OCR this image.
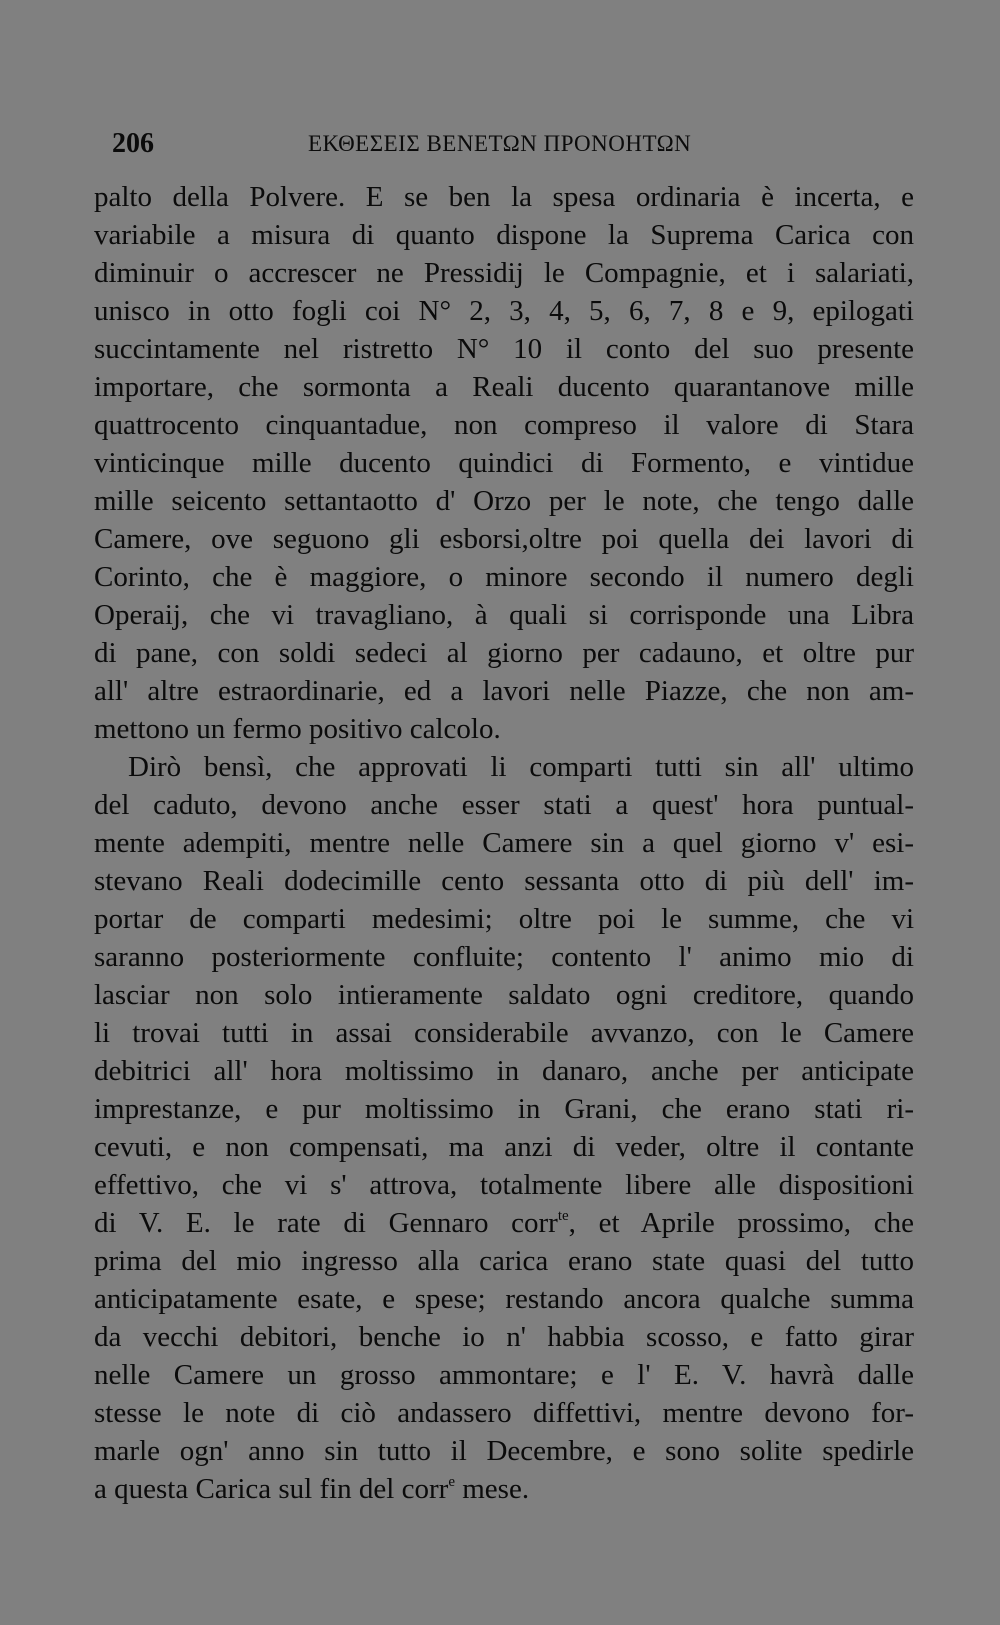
206	ΕΚΘΕΣΕΙΣ ΒΕΝΕΤΩΝ ΠΡΟΝΟΗΤΩΝ
palto della Polvere. E se ben la spesa ordinaria è incerta, e
variabile a misura di quanto dispone la Suprema Carica con
diminuir o accrescer ne Pressidij le Compagnie, et i salariati,
unisco in otto fogli coi N° 2, 3, 4, 5, 6, 7, 8 e 9, epilogati
succintamente nel ristretto N° 10 il conto del suo presente
importare, che sormonta a Reali ducento quarantanove mille
quattrocento cinquantadue, non compreso il valore di Stara
vinticinque mille ducento quindici di Formento, e vintidue
mille seicento settantaotto d' Orzo per le note, che tengo dalle
Camere, ove seguono gli esborsi,oltre poi quella dei lavori di
Corinto, che è maggiore, o minore secondo il numero degli
Operaij, che vi travagliano, à quali si corrisponde una Libra
di pane, con soldi sedeci al giorno per cadauno, et oltre pur
all' altre estraordinarie, ed a lavori nelle Piazze, che non am-
mettono un fermo positivo calcolo.
Dirò bensì, che approvati li comparti tutti sin all' ultimo
del caduto, devono anche esser stati a quest' hora puntual-
mente adempiti, mentre nelle Camere sin a quel giorno v' esi-
stevano Reali dodecimille cento sessanta otto di più dell' im-
portar de comparti medesimi; oltre poi le summe, che vi
saranno posteriormente confluite; contento l' animo mio di
lasciar non solo intieramente saldato ogni creditore, quando
li trovai tutti in assai considerabile avvanzo, con le Camere
debitrici all' hora moltissimo in danaro, anche per anticipate
imprestanze, e pur moltissimo in Grani, che erano stati ri-
cevuti, e non compensati, ma anzi di veder, oltre il contante
effettivo, che vi s' attrova, totalmente libere alle dispositioni
di V. E. le rate di Gennaro corr$^{te}$, et Aprile prossimo, che
prima del mio ingresso alla carica erano state quasi del tutto
anticipatamente esate, e spese; restando ancora qualche summa
da vecchi debitori, benche io n' habbia scosso, e fatto girar
nelle Camere un grosso ammontare; e l' E. V. havrà dalle
stesse le note di ciò andassero diffettivi, mentre devono for-
marle ogn' anno sin tutto il Decembre, e sono solite spedirle
a questa Carica sul fin del corr$^e$ mese.
